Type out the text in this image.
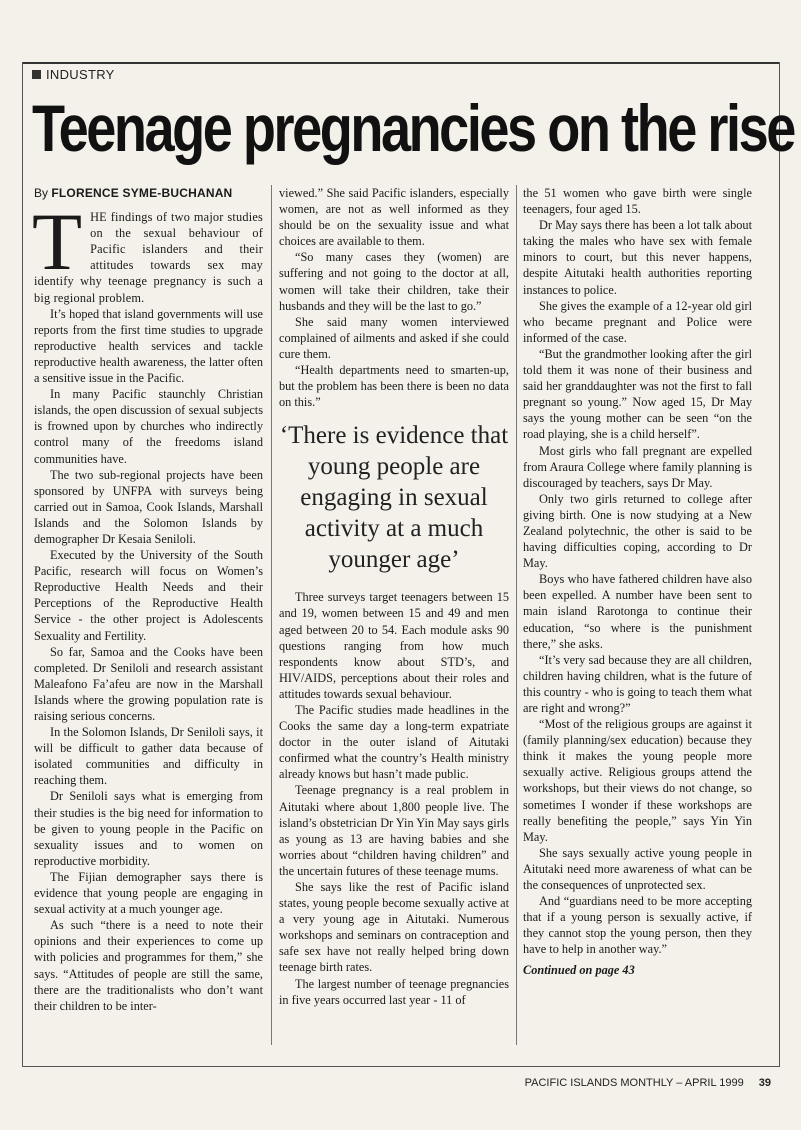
INDUSTRY
Teenage pregnancies on the rise
By FLORENCE SYME-BUCHANAN
T HE findings of two major studies on the sexual behaviour of Pacific islanders and their attitudes towards sex may identify why teenage pregnancy is such a big regional problem.

It’s hoped that island governments will use reports from the first time studies to upgrade reproductive health services and tackle reproductive health awareness, the latter often a sensitive issue in the Pacific.

In many Pacific staunchly Christian islands, the open discussion of sexual subjects is frowned upon by churches who indirectly control many of the freedoms island communities have.

The two sub-regional projects have been sponsored by UNFPA with surveys being carried out in Samoa, Cook Islands, Marshall Islands and the Solomon Islands by demographer Dr Kesaia Seniloli.

Executed by the University of the South Pacific, research will focus on Women’s Reproductive Health Needs and their Perceptions of the Reproductive Health Service - the other project is Adolescents Sexuality and Fertility.

So far, Samoa and the Cooks have been completed. Dr Seniloli and research assistant Maleafono Fa’afeu are now in the Marshall Islands where the growing population rate is raising serious concerns.

In the Solomon Islands, Dr Seniloli says, it will be difficult to gather data because of isolated communities and difficulty in reaching them.

Dr Seniloli says what is emerging from their studies is the big need for information to be given to young people in the Pacific on sexuality issues and to women on reproductive morbidity.

The Fijian demographer says there is evidence that young people are engaging in sexual activity at a much younger age.

As such “there is a need to note their opinions and their experiences to come up with policies and programmes for them,” she says. “Attitudes of people are still the same, there are the traditionalists who don’t want their children to be inter-

viewed.” She said Pacific islanders, especially women, are not as well informed as they should be on the sexuality issue and what choices are available to them.

“So many cases they (women) are suffering and not going to the doctor at all, women will take their children, take their husbands and they will be the last to go.”

She said many women interviewed complained of ailments and asked if she could cure them.

“Health departments need to smarten-up, but the problem has been there is been no data on this.”

‘There is evidence that young people are engaging in sexual activity at a much younger age’

Three surveys target teenagers between 15 and 19, women between 15 and 49 and men aged between 20 to 54. Each module asks 90 questions ranging from how much respondents know about STD’s, and HIV/AIDS, perceptions about their roles and attitudes towards sexual behaviour.

The Pacific studies made headlines in the Cooks the same day a long-term expatriate doctor in the outer island of Aitutaki confirmed what the country’s Health ministry already knows but hasn’t made public.

Teenage pregnancy is a real problem in Aitutaki where about 1,800 people live. The island’s obstetrician Dr Yin Yin May says girls as young as 13 are having babies and she worries about “children having children” and the uncertain futures of these teenage mums.

She says like the rest of Pacific island states, young people become sexually active at a very young age in Aitutaki. Numerous workshops and seminars on contraception and safe sex have not really helped bring down teenage birth rates.

The largest number of teenage pregnancies in five years occurred last year - 11 of

the 51 women who gave birth were single teenagers, four aged 15.

Dr May says there has been a lot talk about taking the males who have sex with female minors to court, but this never happens, despite Aitutaki health authorities reporting instances to police.

She gives the example of a 12-year old girl who became pregnant and Police were informed of the case.

“But the grandmother looking after the girl told them it was none of their business and said her granddaughter was not the first to fall pregnant so young.” Now aged 15, Dr May says the young mother can be seen “on the road playing, she is a child herself”.

Most girls who fall pregnant are expelled from Araura College where family planning is discouraged by teachers, says Dr May.

Only two girls returned to college after giving birth. One is now studying at a New Zealand polytechnic, the other is said to be having difficulties coping, according to Dr May.

Boys who have fathered children have also been expelled. A number have been sent to main island Rarotonga to continue their education, “so where is the punishment there,” she asks.

“It’s very sad because they are all children, children having children, what is the future of this country - who is going to teach them what are right and wrong?”

“Most of the religious groups are against it (family planning/sex education) because they think it makes the young people more sexually active. Religious groups attend the workshops, but their views do not change, so sometimes I wonder if these workshops are really benefiting the people,” says Yin Yin May.

She says sexually active young people in Aitutaki need more awareness of what can be the consequences of unprotected sex.

And “guardians need to be more accepting that if a young person is sexually active, if they cannot stop the young person, then they have to help in another way.”

Continued on page 43

PACIFIC ISLANDS MONTHLY – APRIL 1999 39
